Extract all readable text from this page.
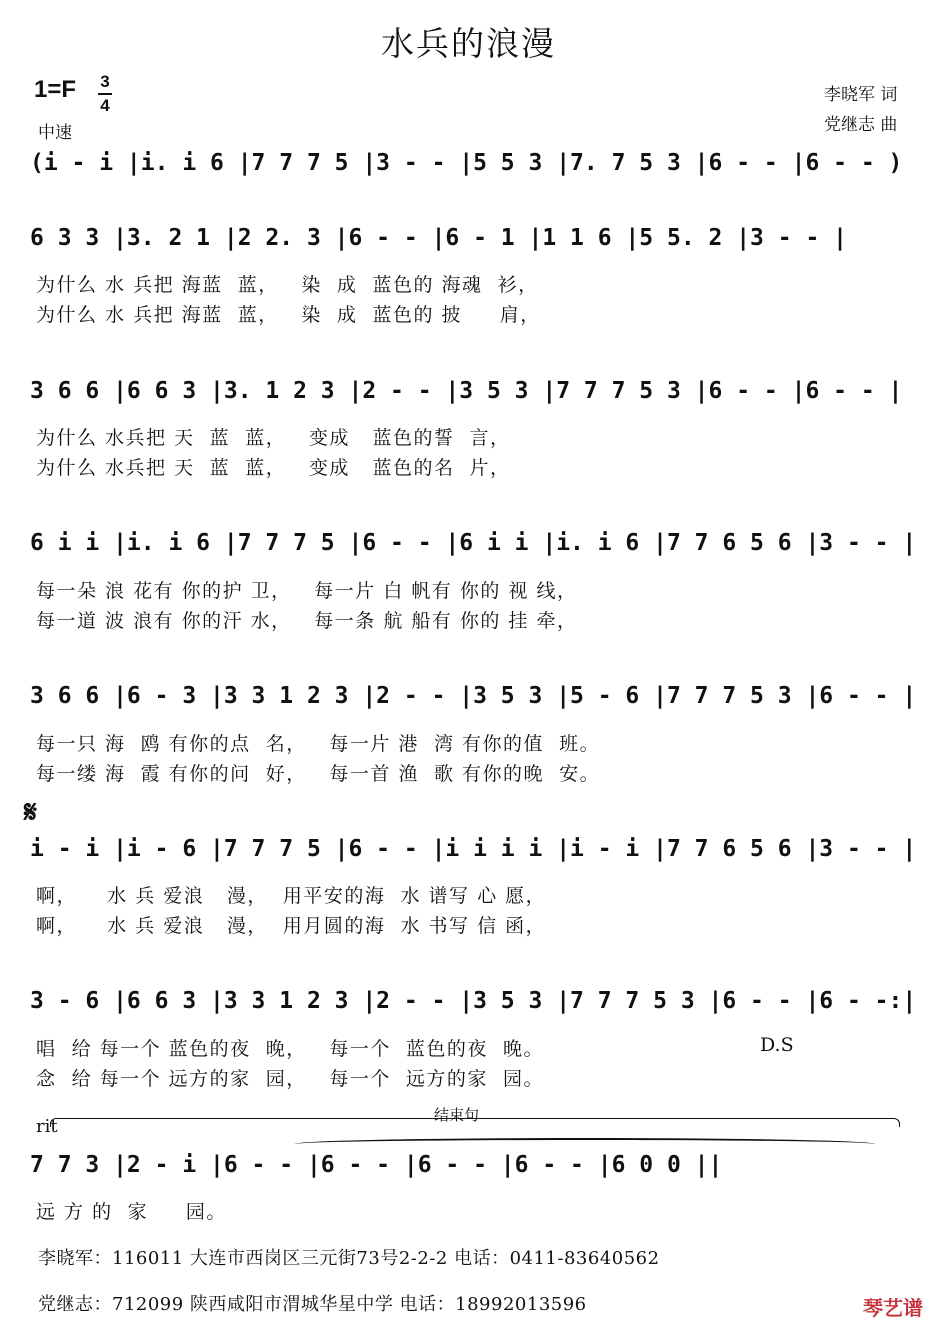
水兵的浪漫
1=F 3
4
中速
李晓军 词
党继志 曲
(i - i |i. i 6 |7 7 7 5 |3 - - |5 5 3 |7. 7 5 3 |6 - - |6 - - )
6 3 3 |3. 2 1 |2 2. 3 |6 - - |6 - 1 |1 1 6 |5 5. 2 |3 - - |
为什么 水 兵把 海蓝  蓝，   染  成  蓝色的 海魂  衫，
为什么 水 兵把 海蓝  蓝，   染  成  蓝色的 披     肩，
3 6 6 |6 6 3 |3. 1 2 3 |2 - - |3 5 3 |7 7 7 5 3 |6 - - |6 - - |
为什么 水兵把 天  蓝  蓝，   变成   蓝色的誓  言，
为什么 水兵把 天  蓝  蓝，   变成   蓝色的名  片，
6 i i |i. i 6 |7 7 7 5 |6 - - |6 i i |i. i 6 |7 7 6 5 6 |3 - - |
每一朵 浪 花有 你的护 卫，   每一片 白 帆有 你的 视 线，
每一道 波 浪有 你的汗 水，   每一条 航 船有 你的 挂 牵，
3 6 6 |6 - 3 |3 3 1 2 3 |2 - - |3 5 3 |5 - 6 |7 7 7 5 3 |6 - - |
每一只 海  鸥 有你的点  名，   每一片 港  湾 有你的值  班。
每一缕 海  霞 有你的问  好，   每一首 渔  歌 有你的晚  安。
𝄋
i - i |i - 6 |7 7 7 5 |6 - - |i i i i |i - i |7 7 6 5 6 |3 - - |
啊，    水 兵 爱浪   漫，  用平安的海  水 谱写 心 愿，
啊，    水 兵 爱浪   漫，  用月圆的海  水 书写 信 函，
3 - 6 |6 6 3 |3 3 1 2 3 |2 - - |3 5 3 |7 7 7 5 3 |6 - - |6 - -:|
唱  给 每一个 蓝色的夜  晚，   每一个  蓝色的夜  晚。	D.S
念  给 每一个 远方的家  园，   每一个  远方的家  园。
结束句
rit
7 7 3 |2 - i |6 - - |6 - - |6 - - |6 - - |6 0 0 ||
远 方 的  家     园。
李晓军：116011 大连市西岗区三元街73号2-2-2 电话：0411-83640562
党继志：712099 陕西咸阳市渭城华星中学 电话：18992013596	琴艺谱
